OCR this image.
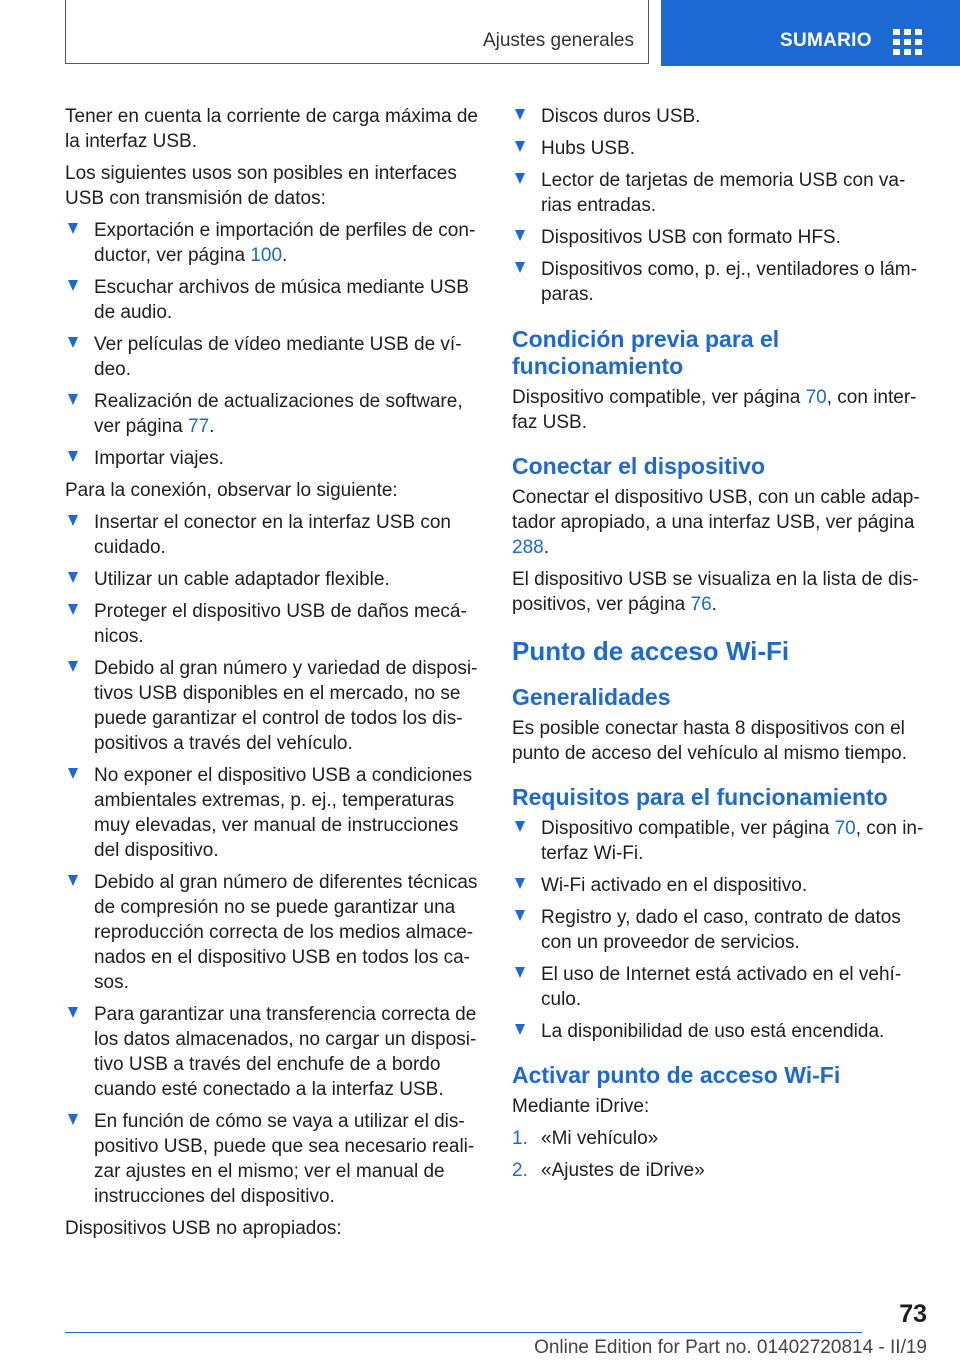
Ajustes generales	SUMARIO

Tener en cuenta la corriente de carga máxima de la interfaz USB.

Los siguientes usos son posibles en interfaces USB con transmisión de datos:

Exportación e importación de perfiles de conductor, ver página 100.
Escuchar archivos de música mediante USB de audio.
Ver películas de vídeo mediante USB de vídeo.
Realización de actualizaciones de software, ver página 77.
Importar viajes.

Para la conexión, observar lo siguiente:

Insertar el conector en la interfaz USB con cuidado.
Utilizar un cable adaptador flexible.
Proteger el dispositivo USB de daños mecánicos.
Debido al gran número y variedad de dispositivos USB disponibles en el mercado, no se puede garantizar el control de todos los dispositivos a través del vehículo.
No exponer el dispositivo USB a condiciones ambientales extremas, p. ej., temperaturas muy elevadas, ver manual de instrucciones del dispositivo.
Debido al gran número de diferentes técnicas de compresión no se puede garantizar una reproducción correcta de los medios almacenados en el dispositivo USB en todos los casos.
Para garantizar una transferencia correcta de los datos almacenados, no cargar un dispositivo USB a través del enchufe de a bordo cuando esté conectado a la interfaz USB.
En función de cómo se vaya a utilizar el dispositivo USB, puede que sea necesario realizar ajustes en el mismo; ver el manual de instrucciones del dispositivo.

Dispositivos USB no apropiados:

Discos duros USB.
Hubs USB.
Lector de tarjetas de memoria USB con varias entradas.
Dispositivos USB con formato HFS.
Dispositivos como, p. ej., ventiladores o lámparas.
Condición previa para el funcionamiento

Dispositivo compatible, ver página 70, con interfaz USB.

Conectar el dispositivo

Conectar el dispositivo USB, con un cable adaptador apropiado, a una interfaz USB, ver página 288.

El dispositivo USB se visualiza en la lista de dispositivos, ver página 76.

Punto de acceso Wi-Fi
Generalidades

Es posible conectar hasta 8 dispositivos con el punto de acceso del vehículo al mismo tiempo.

Requisitos para el funcionamiento
Dispositivo compatible, ver página 70, con interfaz Wi-Fi.
Wi-Fi activado en el dispositivo.
Registro y, dado el caso, contrato de datos con un proveedor de servicios.
El uso de Internet está activado en el vehículo.
La disponibilidad de uso está encendida.
Activar punto de acceso Wi-Fi

Mediante iDrive:

1. «Mi vehículo»
2. «Ajustes de iDrive»
73
Online Edition for Part no. 01402720814 - II/19
